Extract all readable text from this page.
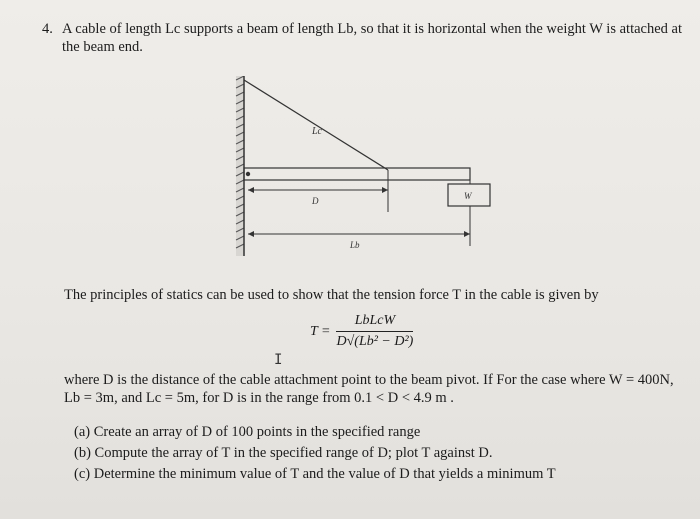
4. A cable of length Lc supports a beam of length Lb, so that it is horizontal when the weight W is attached at
the beam end.
Lc
D	W
Lb
The principles of statics can be used to show that the tension force T in the cable is given by
$T = \frac{\text{LbLcW}}{\text{D√(Lb² − D²)}}$
I
where D is the distance of the cable attachment point to the beam pivot. If For the case where W = 400N,
Lb = 3m, and Lc = 5m, for D is in the range from 0.1 < D < 4.9 m .
(a) Create an array of D of 100 points in the specified range
(b) Compute the array of T in the specified range of D; plot T against D.
(c) Determine the minimum value of T and the value of D that yields a minimum T
